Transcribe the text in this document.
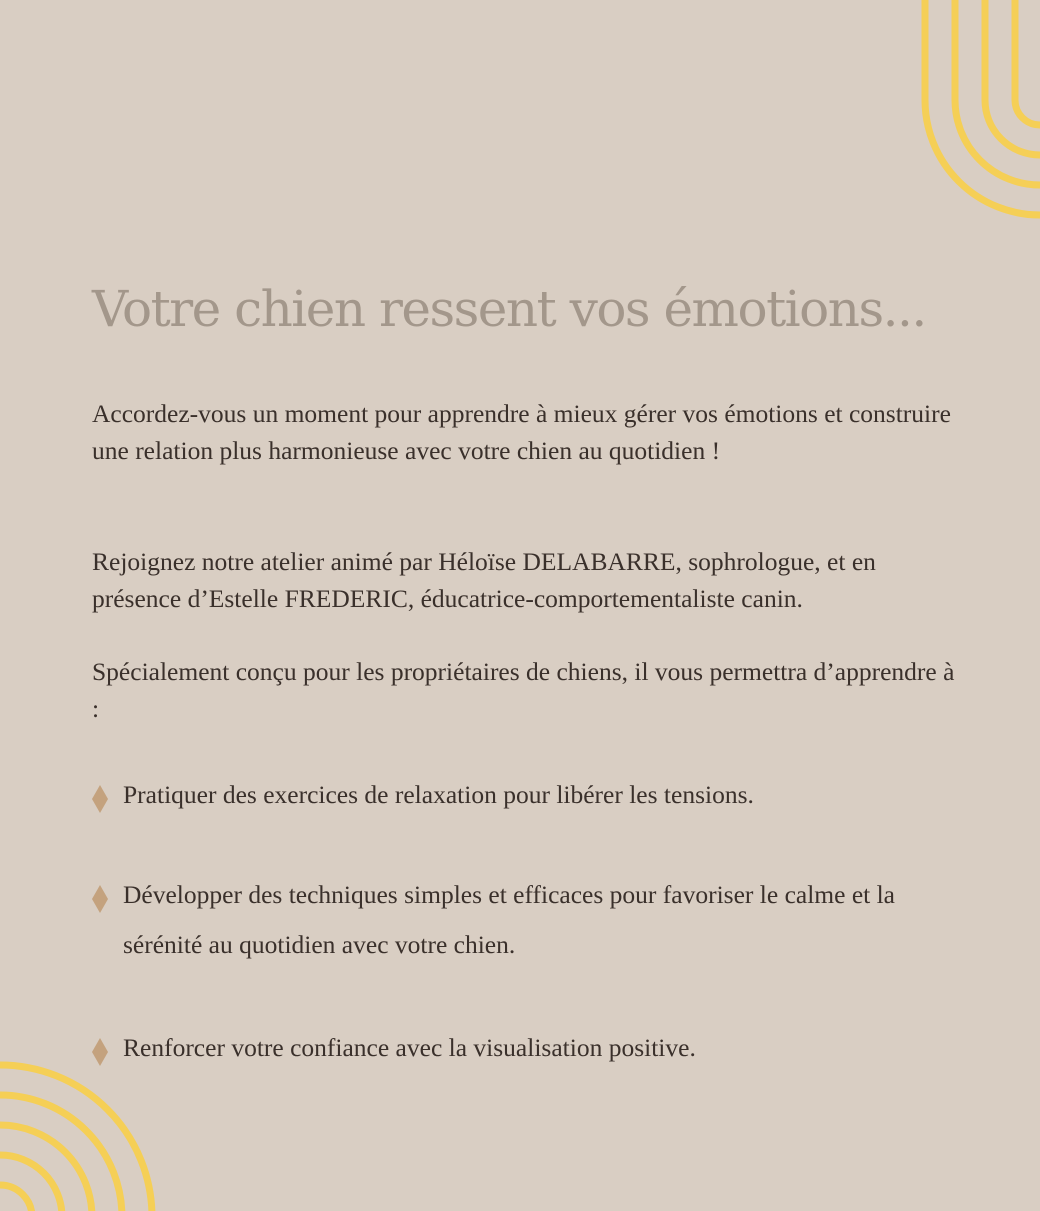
Votre chien ressent vos émotions...

Accordez-vous un moment pour apprendre à mieux gérer vos émotions et construire une relation plus harmonieuse avec votre chien au quotidien !

Rejoignez notre atelier animé par Héloïse DELABARRE, sophrologue, et en présence d’Estelle FREDERIC, éducatrice-comportementaliste canin.

Spécialement conçu pour les propriétaires de chiens, il vous permettra d’apprendre à :

Pratiquer des exercices de relaxation pour libérer les tensions.
Développer des techniques simples et efficaces pour favoriser le calme et la sérénité au quotidien avec votre chien.
Renforcer votre confiance avec la visualisation positive.
